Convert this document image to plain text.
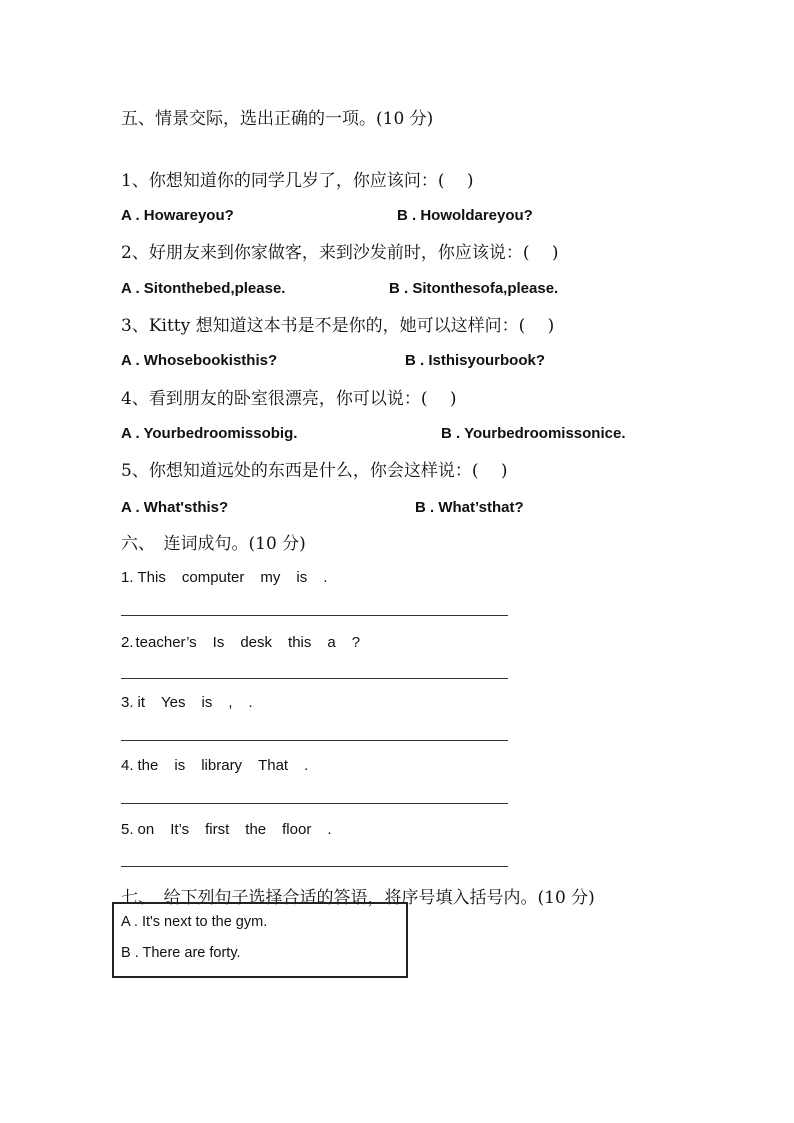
五、情景交际，选出正确的一项。(10 分)
1、你想知道你的同学几岁了，你应该问：(　 )
A . Howareyou?	B . Howoldareyou?
2、好朋友来到你家做客，来到沙发前时，你应该说：(　 )
A . Sitonthebed,please.	B . Sitonthesofa,please.
3、Kitty 想知道这本书是不是你的，她可以这样问：(　 )
A . Whosebookisthis?	B . Isthisyourbook?
4、看到朋友的卧室很漂亮，你可以说：(　 )
A . Yourbedroomissobig.	B . Yourbedroomissonice.
5、你想知道远处的东西是什么，你会这样说：(　 )
A . What'sthis?	B . What’sthat?
六、　连词成句。(10 分)
1. This computer my is .
2. teacher’s Is desk this a ?
3. it Yes is , .
4. the is library That .
5. on It’s first the floor .
七、　给下列句子选择合适的答语，将序号填入括号内。(10 分)
A . It's next to the gym.
B . There are forty.
